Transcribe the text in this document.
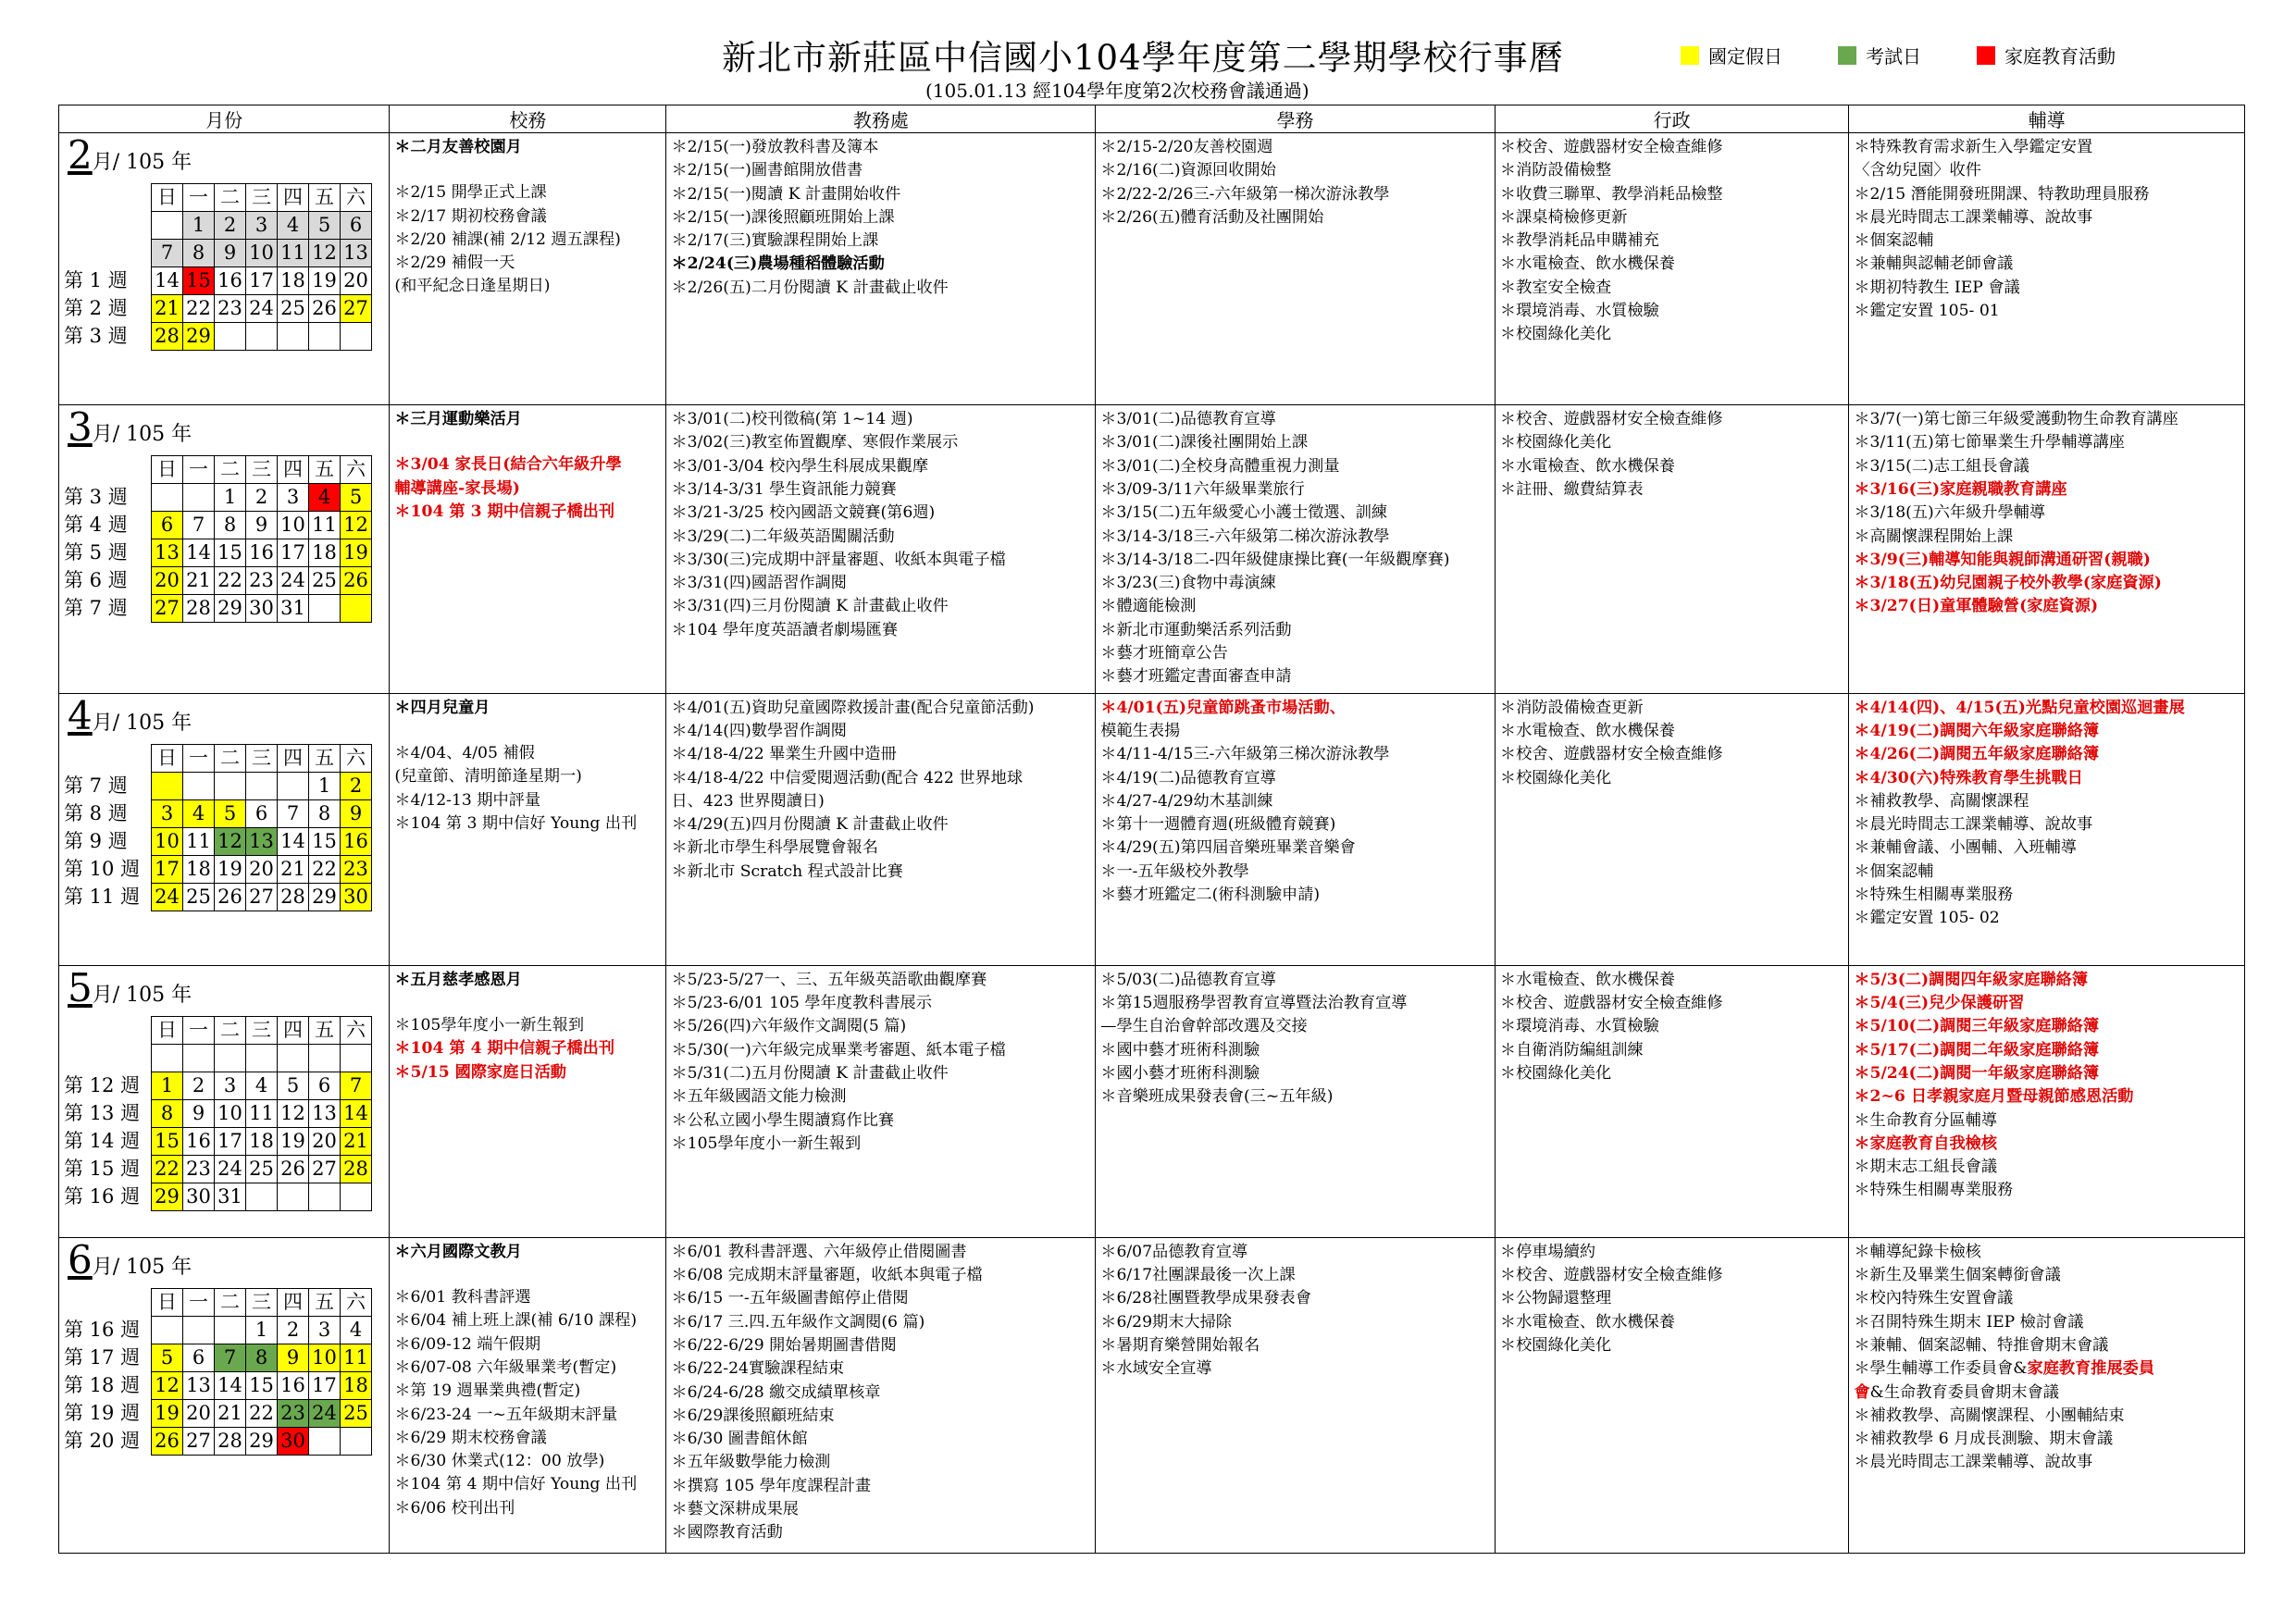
新北市新莊區中信國小104學年度第二學期學校行事曆
(105.01.13 經104學年度第2次校務會議通過)
國定假日	考試日	家庭教育活動
月份	校務	教務處	學務	行政	輔導

2月/ 105 年
	日	一	二	三	四	五	六
		1	2	3	4	5	6
	7	8	9	10	11	12	13
第 1 週	14	15	16	17	18	19	20
第 2 週	21	22	23	24	25	26	27
第 3 週	28	29					

＊二月友善校園月
＊2/15 開學正式上課
＊2/17 期初校務會議
＊2/20 補課(補 2/12 週五課程)
＊2/29 補假一天
(和平紀念日逢星期日)

＊2/15(一)發放教科書及簿本
＊2/15(一)圖書館開放借書
＊2/15(一)閱讀 K 計畫開始收件
＊2/15(一)課後照顧班開始上課
＊2/17(三)實驗課程開始上課
＊2/24(三)農場種稻體驗活動
＊2/26(五)二月份閱讀 K 計畫截止收件

＊2/15-2/20友善校園週
＊2/16(二)資源回收開始
＊2/22-2/26三-六年級第一梯次游泳教學
＊2/26(五)體育活動及社團開始

＊校舍、遊戲器材安全檢查維修
＊消防設備檢整
＊收費三聯單、教學消耗品檢整
＊課桌椅檢修更新
＊教學消耗品申購補充
＊水電檢查、飲水機保養
＊教室安全檢查
＊環境消毒、水質檢驗
＊校園綠化美化

＊特殊教育需求新生入學鑑定安置
〈含幼兒園〉收件
＊2/15 潛能開發班開課、特教助理員服務
＊晨光時間志工課業輔導、說故事
＊個案認輔
＊兼輔與認輔老師會議
＊期初特教生 IEP 會議
＊鑑定安置 105- 01

3月/ 105 年
	日	一	二	三	四	五	六
第 3 週			1	2	3	4	5
第 4 週	6	7	8	9	10	11	12
第 5 週	13	14	15	16	17	18	19
第 6 週	20	21	22	23	24	25	26
第 7 週	27	28	29	30	31		

＊三月運動樂活月
＊3/04 家長日(結合六年級升學
輔導講座-家長場)
＊104 第 3 期中信親子橋出刊

＊3/01(二)校刊徵稿(第 1~14 週)
＊3/02(三)教室佈置觀摩、寒假作業展示
＊3/01-3/04 校內學生科展成果觀摩
＊3/14-3/31 學生資訊能力競賽
＊3/21-3/25 校內國語文競賽(第6週)
＊3/29(二)二年級英語闖關活動
＊3/30(三)完成期中評量審題、收紙本與電子檔
＊3/31(四)國語習作調閱
＊3/31(四)三月份閱讀 K 計畫截止收件
＊104 學年度英語讀者劇場匯賽

＊3/01(二)品德教育宣導
＊3/01(二)課後社團開始上課
＊3/01(二)全校身高體重視力測量
＊3/09-3/11六年級畢業旅行
＊3/15(二)五年級愛心小護士徵選、訓練
＊3/14-3/18三-六年級第二梯次游泳教學
＊3/14-3/18二-四年級健康操比賽(一年級觀摩賽)
＊3/23(三)食物中毒演練
＊體適能檢測
＊新北市運動樂活系列活動
＊藝才班簡章公告
＊藝才班鑑定書面審查申請

＊校舍、遊戲器材安全檢查維修
＊校園綠化美化
＊水電檢查、飲水機保養
＊註冊、繳費結算表

＊3/7(一)第七節三年級愛護動物生命教育講座
＊3/11(五)第七節畢業生升學輔導講座
＊3/15(二)志工組長會議
＊3/16(三)家庭親職教育講座
＊3/18(五)六年級升學輔導
＊高關懷課程開始上課
＊3/9(三)輔導知能與親師溝通研習(親職)
＊3/18(五)幼兒園親子校外教學(家庭資源)
＊3/27(日)童軍體驗營(家庭資源)

4月/ 105 年
	日	一	二	三	四	五	六
第 7 週						1	2
第 8 週	3	4	5	6	7	8	9
第 9 週	10	11	12	13	14	15	16
第 10 週	17	18	19	20	21	22	23
第 11 週	24	25	26	27	28	29	30

＊四月兒童月
＊4/04、4/05 補假
(兒童節、清明節逢星期一)
＊4/12-13 期中評量
＊104 第 3 期中信好 Young 出刊

＊4/01(五)資助兒童國際救援計畫(配合兒童節活動)
＊4/14(四)數學習作調閱
＊4/18-4/22 畢業生升國中造冊
＊4/18-4/22 中信愛閱週活動(配合 422 世界地球
日、423 世界閱讀日)
＊4/29(五)四月份閱讀 K 計畫截止收件
＊新北市學生科學展覽會報名
＊新北市 Scratch 程式設計比賽

＊4/01(五)兒童節跳蚤市場活動、
模範生表揚
＊4/11-4/15三-六年級第三梯次游泳教學
＊4/19(二)品德教育宣導
＊4/27-4/29幼木基訓練
＊第十一週體育週(班級體育競賽)
＊4/29(五)第四屆音樂班畢業音樂會
＊一-五年級校外教學
＊藝才班鑑定二(術科測驗申請)

＊消防設備檢查更新
＊水電檢查、飲水機保養
＊校舍、遊戲器材安全檢查維修
＊校園綠化美化

＊4/14(四)、4/15(五)光點兒童校園巡迴畫展
＊4/19(二)調閱六年級家庭聯絡簿
＊4/26(二)調閱五年級家庭聯絡簿
＊4/30(六)特殊教育學生挑戰日
＊補救教學、高關懷課程
＊晨光時間志工課業輔導、說故事
＊兼輔會議、小團輔、入班輔導
＊個案認輔
＊特殊生相關專業服務
＊鑑定安置 105- 02

5月/ 105 年
	日	一	二	三	四	五	六

第 12 週	1	2	3	4	5	6	7
第 13 週	8	9	10	11	12	13	14
第 14 週	15	16	17	18	19	20	21
第 15 週	22	23	24	25	26	27	28
第 16 週	29	30	31				

＊五月慈孝感恩月
＊105學年度小一新生報到
＊104 第 4 期中信親子橋出刊
＊5/15 國際家庭日活動

＊5/23-5/27一、三、五年級英語歌曲觀摩賽
＊5/23-6/01 105 學年度教科書展示
＊5/26(四)六年級作文調閱(5 篇)
＊5/30(一)六年級完成畢業考審題、紙本電子檔
＊5/31(二)五月份閱讀 K 計畫截止收件
＊五年級國語文能力檢測
＊公私立國小學生閱讀寫作比賽
＊105學年度小一新生報到

＊5/03(二)品德教育宣導
＊第15週服務學習教育宣導暨法治教育宣導
—學生自治會幹部改選及交接
＊國中藝才班術科測驗
＊國小藝才班術科測驗
＊音樂班成果發表會(三~五年級)

＊水電檢查、飲水機保養
＊校舍、遊戲器材安全檢查維修
＊環境消毒、水質檢驗
＊自衛消防編組訓練
＊校園綠化美化

＊5/3(二)調閱四年級家庭聯絡簿
＊5/4(三)兒少保護研習
＊5/10(二)調閱三年級家庭聯絡簿
＊5/17(二)調閱二年級家庭聯絡簿
＊5/24(二)調閱一年級家庭聯絡簿
＊2~6 日孝親家庭月暨母親節感恩活動
＊生命教育分區輔導
＊家庭教育自我檢核
＊期末志工組長會議
＊特殊生相關專業服務

6月/ 105 年
	日	一	二	三	四	五	六
第 16 週				1	2	3	4
第 17 週	5	6	7	8	9	10	11
第 18 週	12	13	14	15	16	17	18
第 19 週	19	20	21	22	23	24	25
第 20 週	26	27	28	29	30		

＊六月國際文教月
＊6/01 教科書評選
＊6/04 補上班上課(補 6/10 課程)
＊6/09-12 端午假期
＊6/07-08 六年級畢業考(暫定)
＊第 19 週畢業典禮(暫定)
＊6/23-24 一~五年級期末評量
＊6/29 期末校務會議
＊6/30 休業式(12：00 放學)
＊104 第 4 期中信好 Young 出刊
＊6/06 校刊出刊

＊6/01 教科書評選、六年級停止借閱圖書
＊6/08 完成期末評量審題，收紙本與電子檔
＊6/15 一-五年級圖書館停止借閱
＊6/17 三.四.五年級作文調閱(6 篇)
＊6/22-6/29 開始暑期圖書借閱
＊6/22-24實驗課程結束
＊6/24-6/28 繳交成績單核章
＊6/29課後照顧班結束
＊6/30 圖書館休館
＊五年級數學能力檢測
＊撰寫 105 學年度課程計畫
＊藝文深耕成果展
＊國際教育活動

＊6/07品德教育宣導
＊6/17社團課最後一次上課
＊6/28社團暨教學成果發表會
＊6/29期末大掃除
＊暑期育樂營開始報名
＊水域安全宣導

＊停車場續約
＊校舍、遊戲器材安全檢查維修
＊公物歸還整理
＊水電檢查、飲水機保養
＊校園綠化美化

＊輔導紀錄卡檢核
＊新生及畢業生個案轉銜會議
＊校內特殊生安置會議
＊召開特殊生期末 IEP 檢討會議
＊兼輔、個案認輔、特推會期末會議
＊學生輔導工作委員會&家庭教育推展委員
會&生命教育委員會期末會議
＊補救教學、高關懷課程、小團輔結束
＊補救教學 6 月成長測驗、期末會議
＊晨光時間志工課業輔導、說故事
